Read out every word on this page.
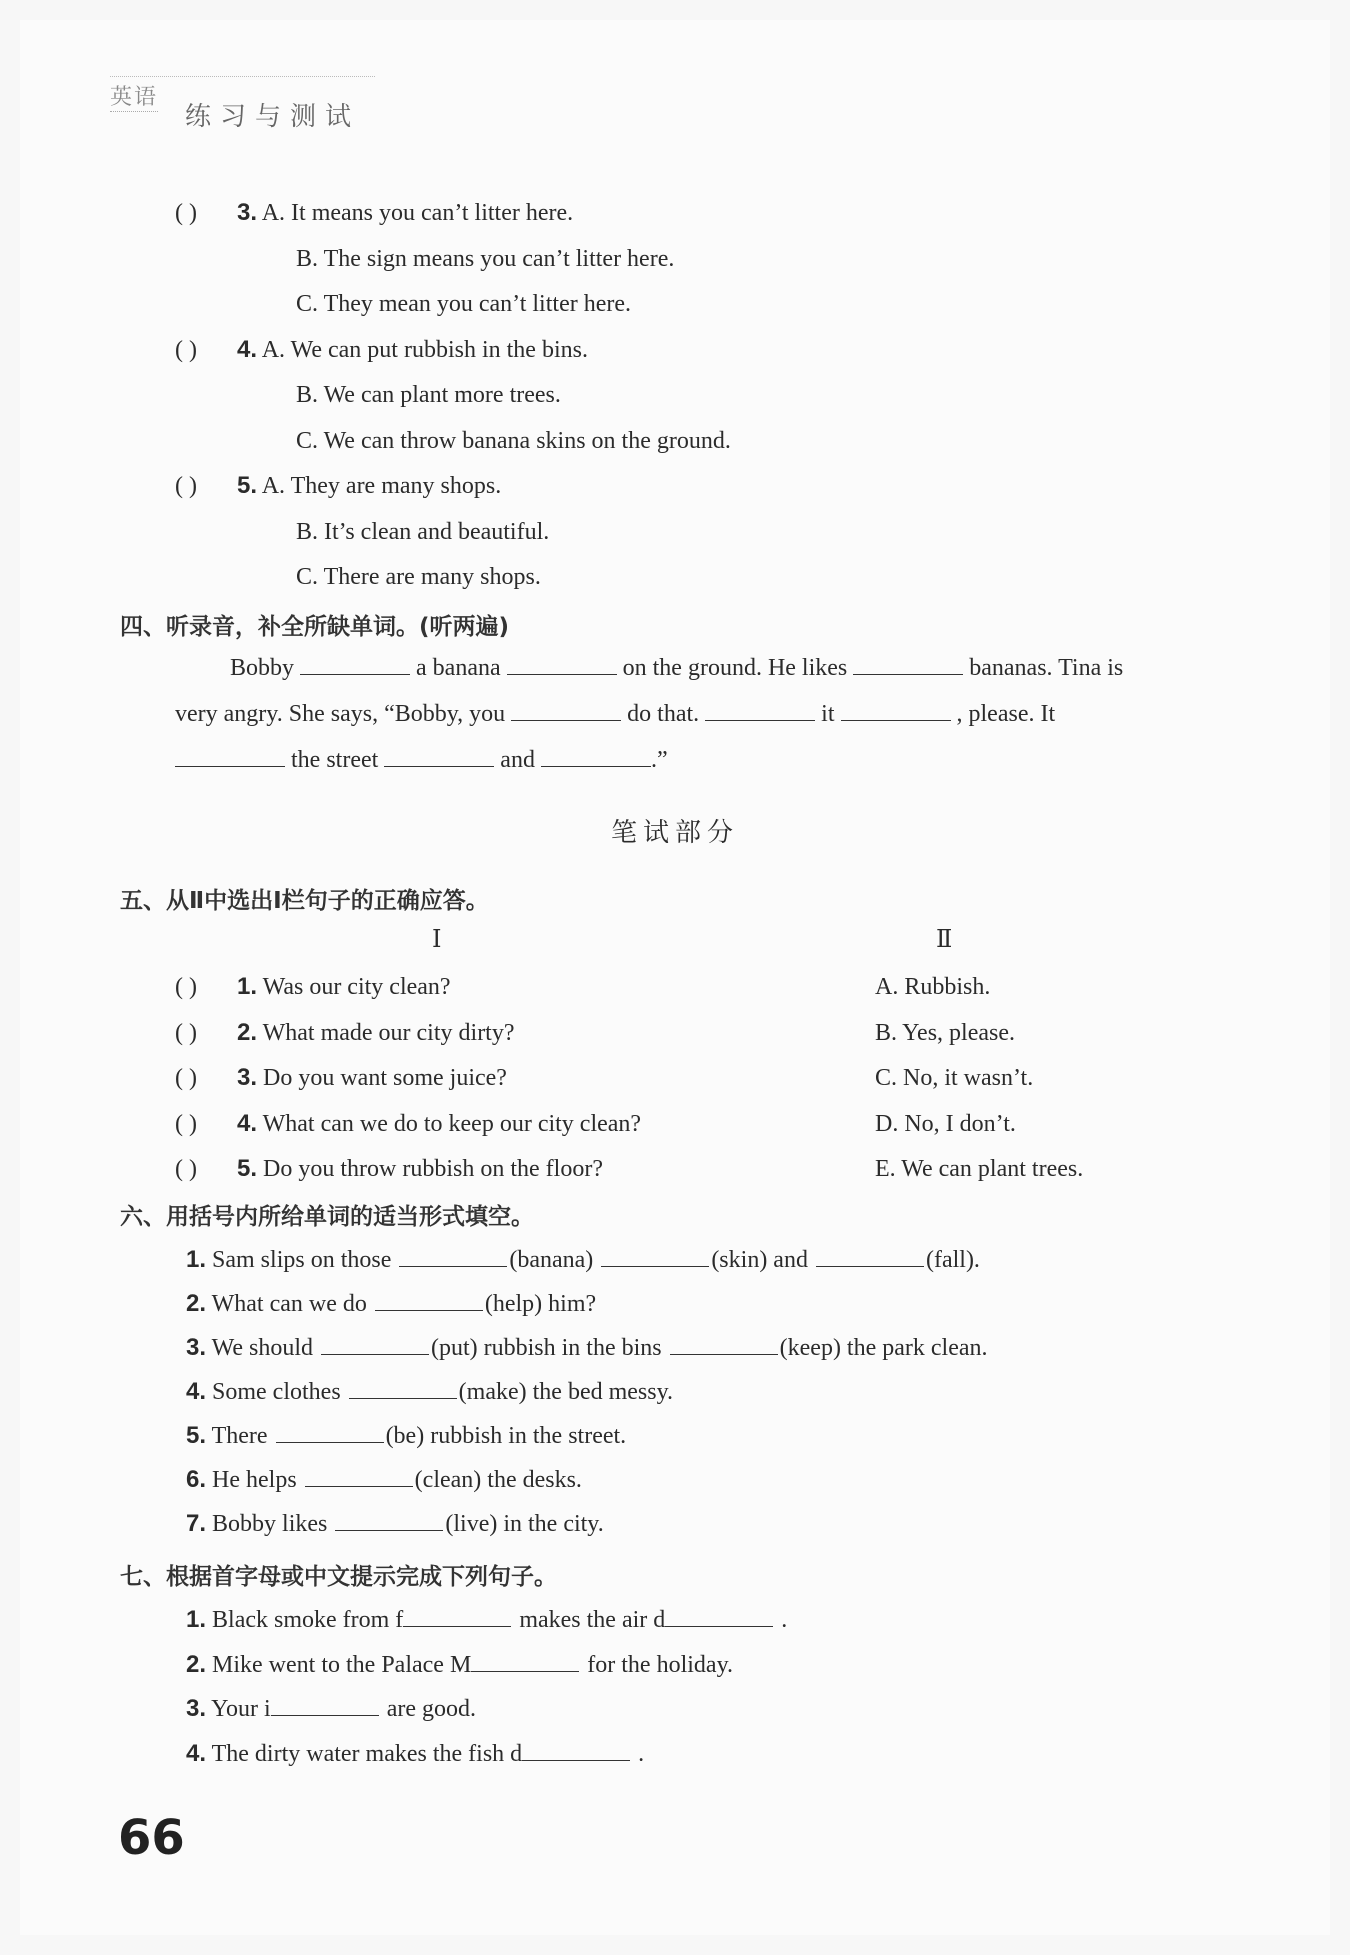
英语
练习与测试
( ) 3. A. It means you can’t litter here.
B. The sign means you can’t litter here.
C. They mean you can’t litter here.
( ) 4. A. We can put rubbish in the bins.
B. We can plant more trees.
C. We can throw banana skins on the ground.
( ) 5. A. They are many shops.
B. It’s clean and beautiful.
C. There are many shops.
四、听录音，补全所缺单词。(听两遍)
Bobby	a banana	on the ground. He likes	bananas. Tina is
very angry. She says, “Bobby, you	do that.	it	, please. It
the street	and	.”
笔试部分
五、从Ⅱ中选出Ⅰ栏句子的正确应答。
Ⅰ	Ⅱ
( ) 1. Was our city clean?	A. Rubbish.
( ) 2. What made our city dirty?	B. Yes, please.
( ) 3. Do you want some juice?	C. No, it wasn’t.
( ) 4. What can we do to keep our city clean?	D. No, I don’t.
( ) 5. Do you throw rubbish on the floor?	E. We can plant trees.
六、用括号内所给单词的适当形式填空。
1. Sam slips on those	(banana)	(skin) and	(fall).
2. What can we do	(help) him?
3. We should	(put) rubbish in the bins	(keep) the park clean.
4. Some clothes	(make) the bed messy.
5. There	(be) rubbish in the street.
6. He helps	(clean) the desks.
7. Bobby likes	(live) in the city.
七、根据首字母或中文提示完成下列句子。
1. Black smoke from f	makes the air d	.
2. Mike went to the Palace M	for the holiday.
3. Your i	are good.
4. The dirty water makes the fish d	.
66
